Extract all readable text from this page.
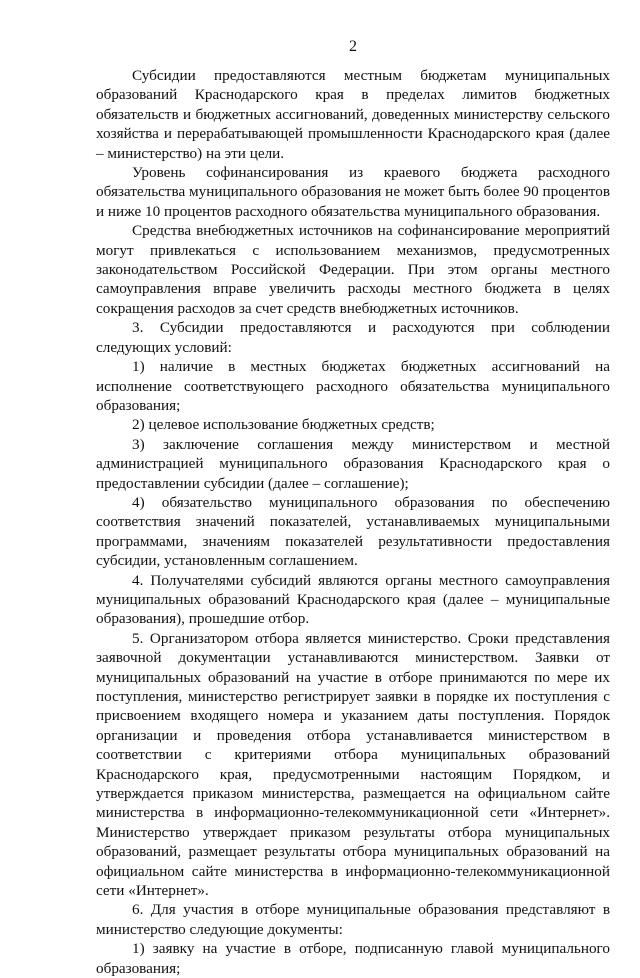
2

Субсидии предоставляются местным бюджетам муниципальных образований Краснодарского края в пределах лимитов бюджетных обязательств и бюджетных ассигнований, доведенных министерству сельского хозяйства и перерабатывающей промышленности Краснодарского края (далее – министерство) на эти цели.

Уровень софинансирования из краевого бюджета расходного обязательства муниципального образования не может быть более 90 процентов и ниже 10 процентов расходного обязательства муниципального образования.

Средства внебюджетных источников на софинансирование мероприятий могут привлекаться с использованием механизмов, предусмотренных законодательством Российской Федерации. При этом органы местного самоуправления вправе увеличить расходы местного бюджета в целях сокращения расходов за счет средств внебюджетных источников.

3. Субсидии предоставляются и расходуются при соблюдении следующих условий:

1) наличие в местных бюджетах бюджетных ассигнований на исполнение соответствующего расходного обязательства муниципального образования;

2) целевое использование бюджетных средств;

3) заключение соглашения между министерством и местной администрацией муниципального образования Краснодарского края о предоставлении субсидии (далее – соглашение);

4) обязательство муниципального образования по обеспечению соответствия значений показателей, устанавливаемых муниципальными программами, значениям показателей результативности предоставления субсидии, установленным соглашением.

4. Получателями субсидий являются органы местного самоуправления муниципальных образований Краснодарского края (далее – муниципальные образования), прошедшие отбор.

5. Организатором отбора является министерство. Сроки представления заявочной документации устанавливаются министерством. Заявки от муниципальных образований на участие в отборе принимаются по мере их поступления, министерство регистрирует заявки в порядке их поступления с присвоением входящего номера и указанием даты поступления. Порядок организации и проведения отбора устанавливается министерством в соответствии с критериями отбора муниципальных образований Краснодарского края, предусмотренными настоящим Порядком, и утверждается приказом министерства, размещается на официальном сайте министерства в информационно-телекоммуникационной сети «Интернет». Министерство утверждает приказом результаты отбора муниципальных образований, размещает результаты отбора муниципальных образований на официальном сайте министерства в информационно-телекоммуникационной сети «Интернет».

6. Для участия в отборе муниципальные образования представляют в министерство следующие документы:

1) заявку на участие в отборе, подписанную главой муниципального образования;
